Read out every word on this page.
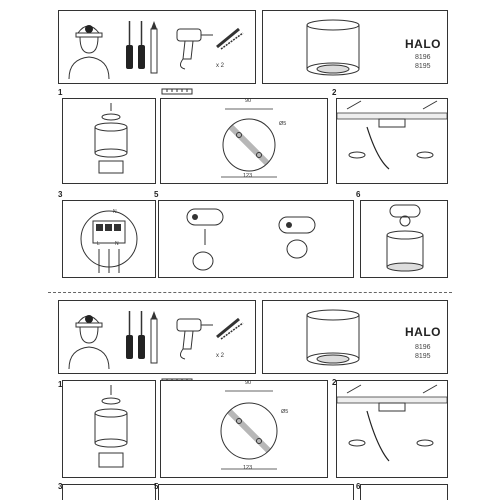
x 2
HALO
8196
8195
1
90
Ø5
123
2
3
N
L	N
5	6
x 2
HALO
8196
8195
1	90
Ø5
123
2
3	5	6
